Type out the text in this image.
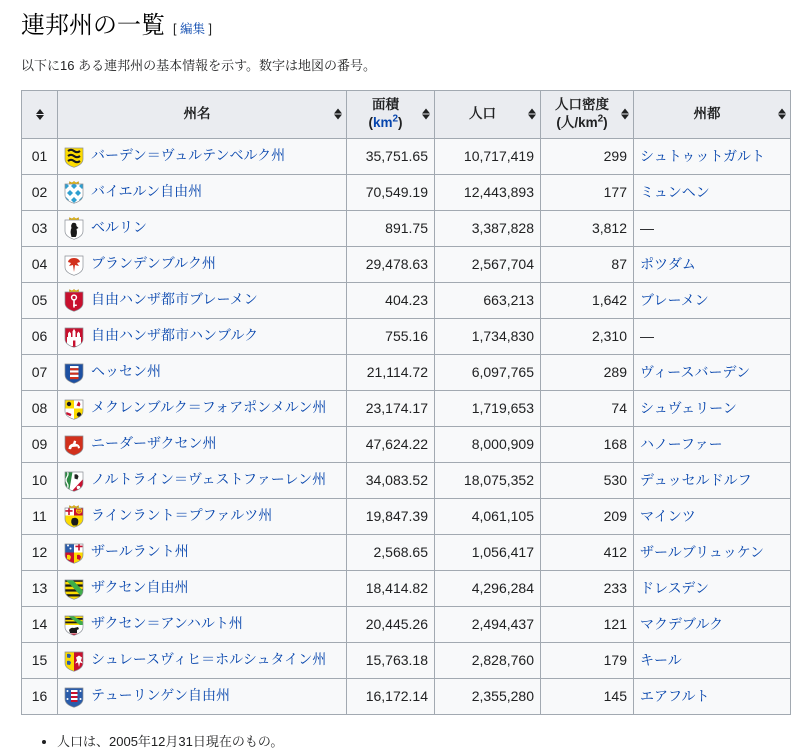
連邦州の一覧 [ 編集 ]

以下に16 ある連邦州の基本情報を示す。数字は地図の番号。

	州名	面積
(km$^2$)	人口	人口密度
(人$/km^2$)	州都

01	バーデン＝ヴュルテンベルク州	35,751.65	10,717,419	299	シュトゥットガルト
02	バイエルン自由州	70,549.19	12,443,893	177	ミュンヘン
03	ベルリン	891.75	3,387,828	3,812	—
04	ブランデンブルク州	29,478.63	2,567,704	87	ポツダム
05	自由ハンザ都市ブレーメン	404.23	663,213	1,642	ブレーメン
06	自由ハンザ都市ハンブルク	755.16	1,734,830	2,310	—
07	ヘッセン州	21,114.72	6,097,765	289	ヴィースバーデン
08	メクレンブルク＝フォアポンメルン州	23,174.17	1,719,653	74	シュヴェリーン
09	ニーダーザクセン州	47,624.22	8,000,909	168	ハノーファー
10	ノルトライン＝ヴェストファーレン州	34,083.52	18,075,352	530	デュッセルドルフ
11	ラインラント＝プファルツ州	19,847.39	4,061,105	209	マインツ
12	ザールラント州	2,568.65	1,056,417	412	ザールブリュッケン
13	ザクセン自由州	18,414.82	4,296,284	233	ドレスデン
14	ザクセン＝アンハルト州	20,445.26	2,494,437	121	マクデブルク
15	シュレースヴィヒ＝ホルシュタイン州	15,763.18	2,828,760	179	キール
16	テューリンゲン自由州	16,172.14	2,355,280	145	エアフルト
• 人口は、2005年12月31日現在のもの。
